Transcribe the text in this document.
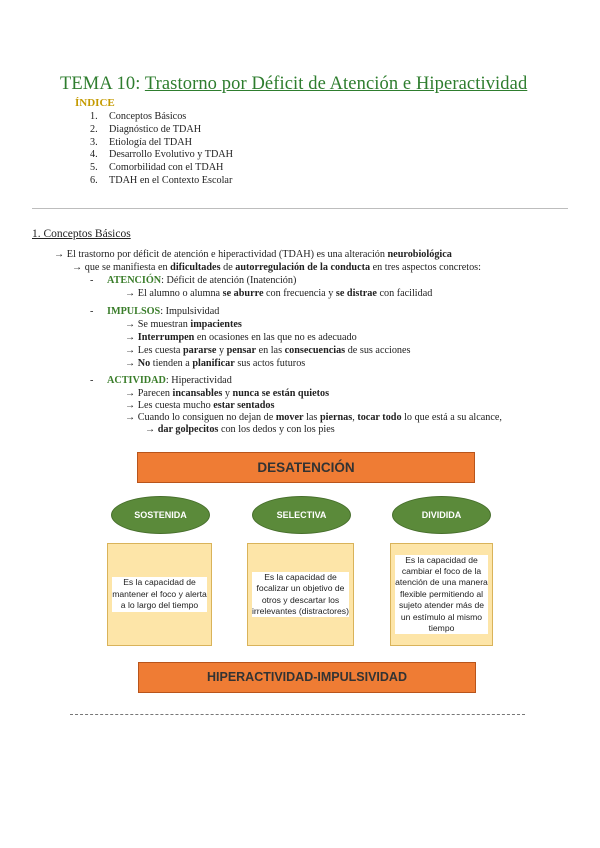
TEMA 10: Trastorno por Déficit de Atención e Hiperactividad
ÍNDICE
1. Conceptos Básicos
2. Diagnóstico de TDAH
3. Etiología del TDAH
4. Desarrollo Evolutivo y TDAH
5. Comorbilidad con el TDAH
6. TDAH en el Contexto Escolar
1. Conceptos Básicos
→ El trastorno por déficit de atención e hiperactividad (TDAH) es una alteración neurobiológica
→ que se manifiesta en dificultades de autorregulación de la conducta en tres aspectos concretos:
- ATENCIÓN: Déficit de atención (Inatención)
→ El alumno o alumna se aburre con frecuencia y se distrae con facilidad
- IMPULSOS: Impulsividad
→ Se muestran impacientes
→ Interrumpen en ocasiones en las que no es adecuado
→ Les cuesta pararse y pensar en las consecuencias de sus acciones
→ No tienden a planificar sus actos futuros
- ACTIVIDAD: Hiperactividad
→ Parecen incansables y nunca se están quietos
→ Les cuesta mucho estar sentados
→ Cuando lo consiguen no dejan de mover las piernas, tocar todo lo que está a su alcance,
→ dar golpecitos con los dedos y con los pies
DESATENCIÓN
SOSTENIDA	SELECTIVA	DIVIDIDA
Es la capacidad de mantener el foco y alerta a lo largo del tiempo
Es la capacidad de focalizar un objetivo de otros y descartar los irrelevantes (distractores)
Es la capacidad de cambiar el foco de la atención de una manera flexible permitiendo al sujeto atender más de un estímulo al mismo tiempo
HIPERACTIVIDAD-IMPULSIVIDAD
